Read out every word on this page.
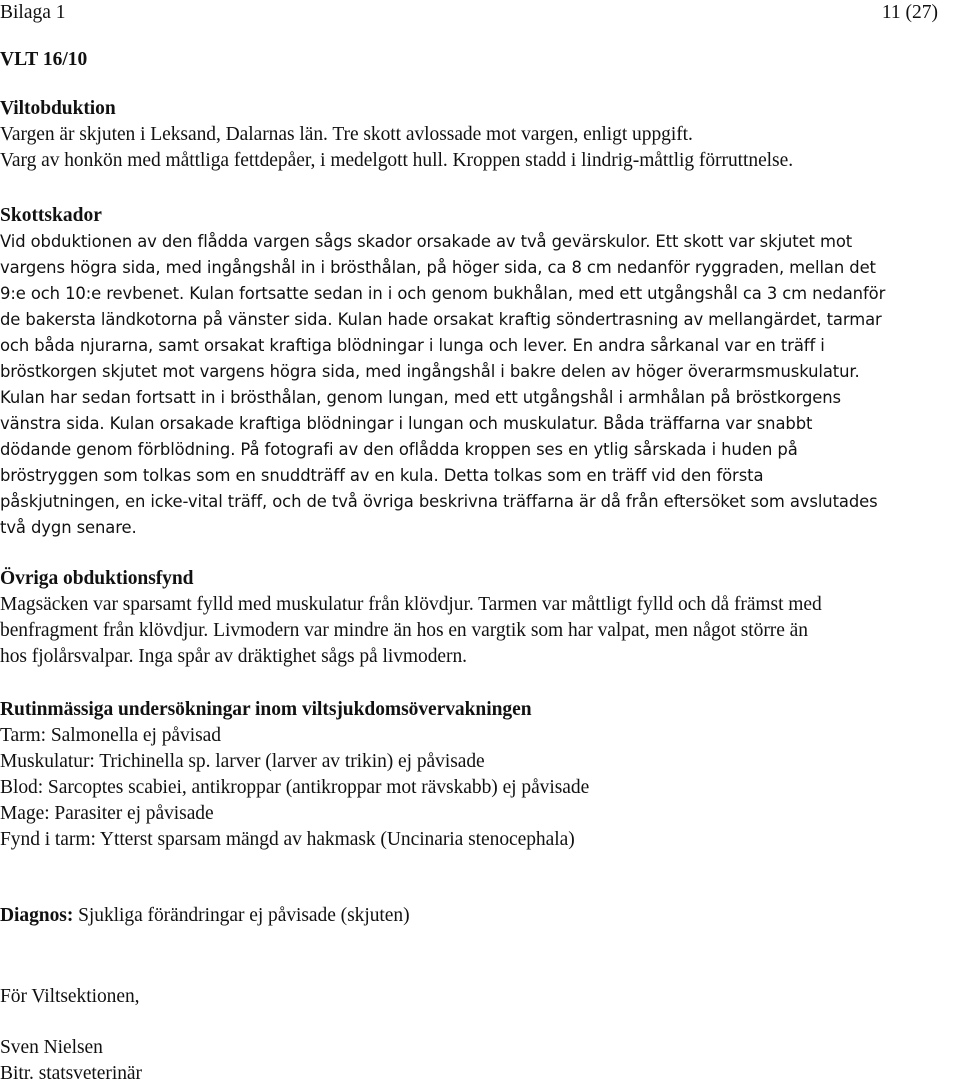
Bilaga 1	11 (27)
VLT 16/10
Viltobduktion
Vargen är skjuten i Leksand, Dalarnas län. Tre skott avlossade mot vargen, enligt uppgift.
Varg av honkön med måttliga fettdepåer, i medelgott hull. Kroppen stadd i lindrig-måttlig förruttnelse.
Skottskador
Vid obduktionen av den flådda vargen sågs skador orsakade av två gevärskulor. Ett skott var skjutet mot
vargens högra sida, med ingångshål in i brösthålan, på höger sida, ca 8 cm nedanför ryggraden, mellan det
9:e och 10:e revbenet. Kulan fortsatte sedan in i och genom bukhålan, med ett utgångshål ca 3 cm nedanför
de bakersta ländkotorna på vänster sida. Kulan hade orsakat kraftig söndertrasning av mellangärdet, tarmar
och båda njurarna, samt orsakat kraftiga blödningar i lunga och lever. En andra sårkanal var en träff i
bröstkorgen skjutet mot vargens högra sida, med ingångshål i bakre delen av höger överarmsmuskulatur.
Kulan har sedan fortsatt in i brösthålan, genom lungan, med ett utgångshål i armhålan på bröstkorgens
vänstra sida. Kulan orsakade kraftiga blödningar i lungan och muskulatur. Båda träffarna var snabbt
dödande genom förblödning. På fotografi av den oflådda kroppen ses en ytlig sårskada i huden på
bröstryggen som tolkas som en snuddträff av en kula. Detta tolkas som en träff vid den första
påskjutningen, en icke-vital träff, och de två övriga beskrivna träffarna är då från eftersöket som avslutades
två dygn senare.
Övriga obduktionsfynd
Magsäcken var sparsamt fylld med muskulatur från klövdjur. Tarmen var måttligt fylld och då främst med
benfragment från klövdjur. Livmodern var mindre än hos en vargtik som har valpat, men något större än
hos fjolårsvalpar. Inga spår av dräktighet sågs på livmodern.
Rutinmässiga undersökningar inom viltsjukdomsövervakningen
Tarm: Salmonella ej påvisad
Muskulatur: Trichinella sp. larver (larver av trikin) ej påvisade
Blod: Sarcoptes scabiei, antikroppar (antikroppar mot rävskabb) ej påvisade
Mage: Parasiter ej påvisade
Fynd i tarm: Ytterst sparsam mängd av hakmask (Uncinaria stenocephala)
Diagnos: Sjukliga förändringar ej påvisade (skjuten)
För Viltsektionen,
Sven Nielsen
Bitr. statsveterinär
